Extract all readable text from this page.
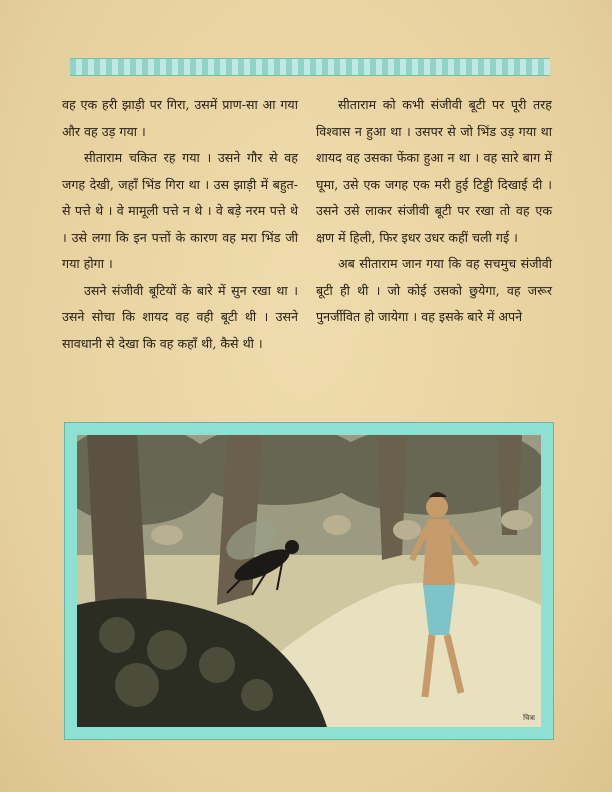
वह एक हरी झाड़ी पर गिरा, उसमें प्राण-सा आ गया और वह उड़ गया ।

सीताराम चकित रह गया । उसने गौर से वह जगह देखी, जहाँ भिंड गिरा था । उस झाड़ी में बहुत-से पत्ते थे । वे मामूली पत्ते न थे । वे बड़े नरम पत्ते थे । उसे लगा कि इन पत्तों के कारण वह मरा भिंड जी गया होगा ।

उसने संजीवी बूटियों के बारे में सुन रखा था । उसने सोचा कि शायद वह वही बूटी थी । उसने सावधानी से देखा कि वह कहाँ थी, कैसे थी ।

सीताराम को कभी संजीवी बूटी पर पूरी तरह विश्वास न हुआ था । उसपर से जो भिंड उड़ गया था शायद वह उसका फेंका हुआ न था । वह सारे बाग में घूमा, उसे एक जगह एक मरी हुई टिड्डी दिखाई दी । उसने उसे लाकर संजीवी बूटी पर रखा तो वह एक क्षण में हिली, फिर इधर उधर कहीं चली गई ।

अब सीताराम जान गया कि वह सचमुच संजीवी बूटी ही थी । जो कोई उसको छुयेगा, वह जरूर पुनर्जीवित हो जायेगा । वह इसके बारे में अपने

चित्रा
